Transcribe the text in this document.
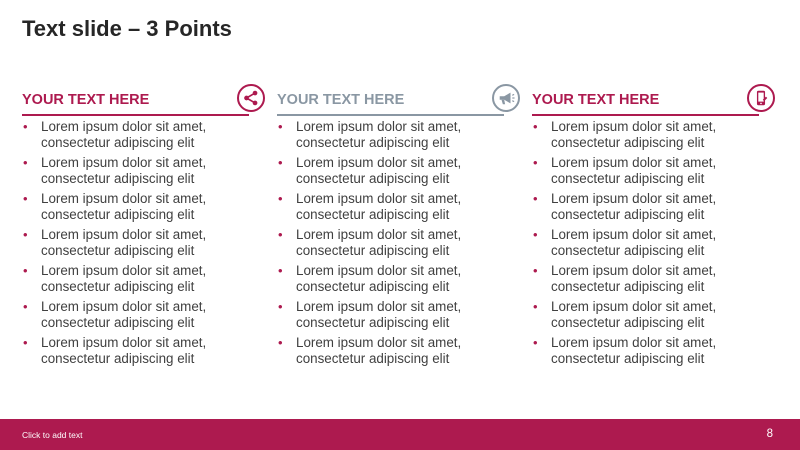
Text slide – 3 Points
YOUR TEXT HERE
• Lorem ipsum dolor sit amet, consectetur adipiscing elit
• Lorem ipsum dolor sit amet, consectetur adipiscing elit
• Lorem ipsum dolor sit amet, consectetur adipiscing elit
• Lorem ipsum dolor sit amet, consectetur adipiscing elit
• Lorem ipsum dolor sit amet, consectetur adipiscing elit
• Lorem ipsum dolor sit amet, consectetur adipiscing elit
• Lorem ipsum dolor sit amet, consectetur adipiscing elit
YOUR TEXT HERE
• Lorem ipsum dolor sit amet, consectetur adipiscing elit
• Lorem ipsum dolor sit amet, consectetur adipiscing elit
• Lorem ipsum dolor sit amet, consectetur adipiscing elit
• Lorem ipsum dolor sit amet, consectetur adipiscing elit
• Lorem ipsum dolor sit amet, consectetur adipiscing elit
• Lorem ipsum dolor sit amet, consectetur adipiscing elit
• Lorem ipsum dolor sit amet, consectetur adipiscing elit
YOUR TEXT HERE
• Lorem ipsum dolor sit amet, consectetur adipiscing elit
• Lorem ipsum dolor sit amet, consectetur adipiscing elit
• Lorem ipsum dolor sit amet, consectetur adipiscing elit
• Lorem ipsum dolor sit amet, consectetur adipiscing elit
• Lorem ipsum dolor sit amet, consectetur adipiscing elit
• Lorem ipsum dolor sit amet, consectetur adipiscing elit
• Lorem ipsum dolor sit amet, consectetur adipiscing elit
Click to add text	8
